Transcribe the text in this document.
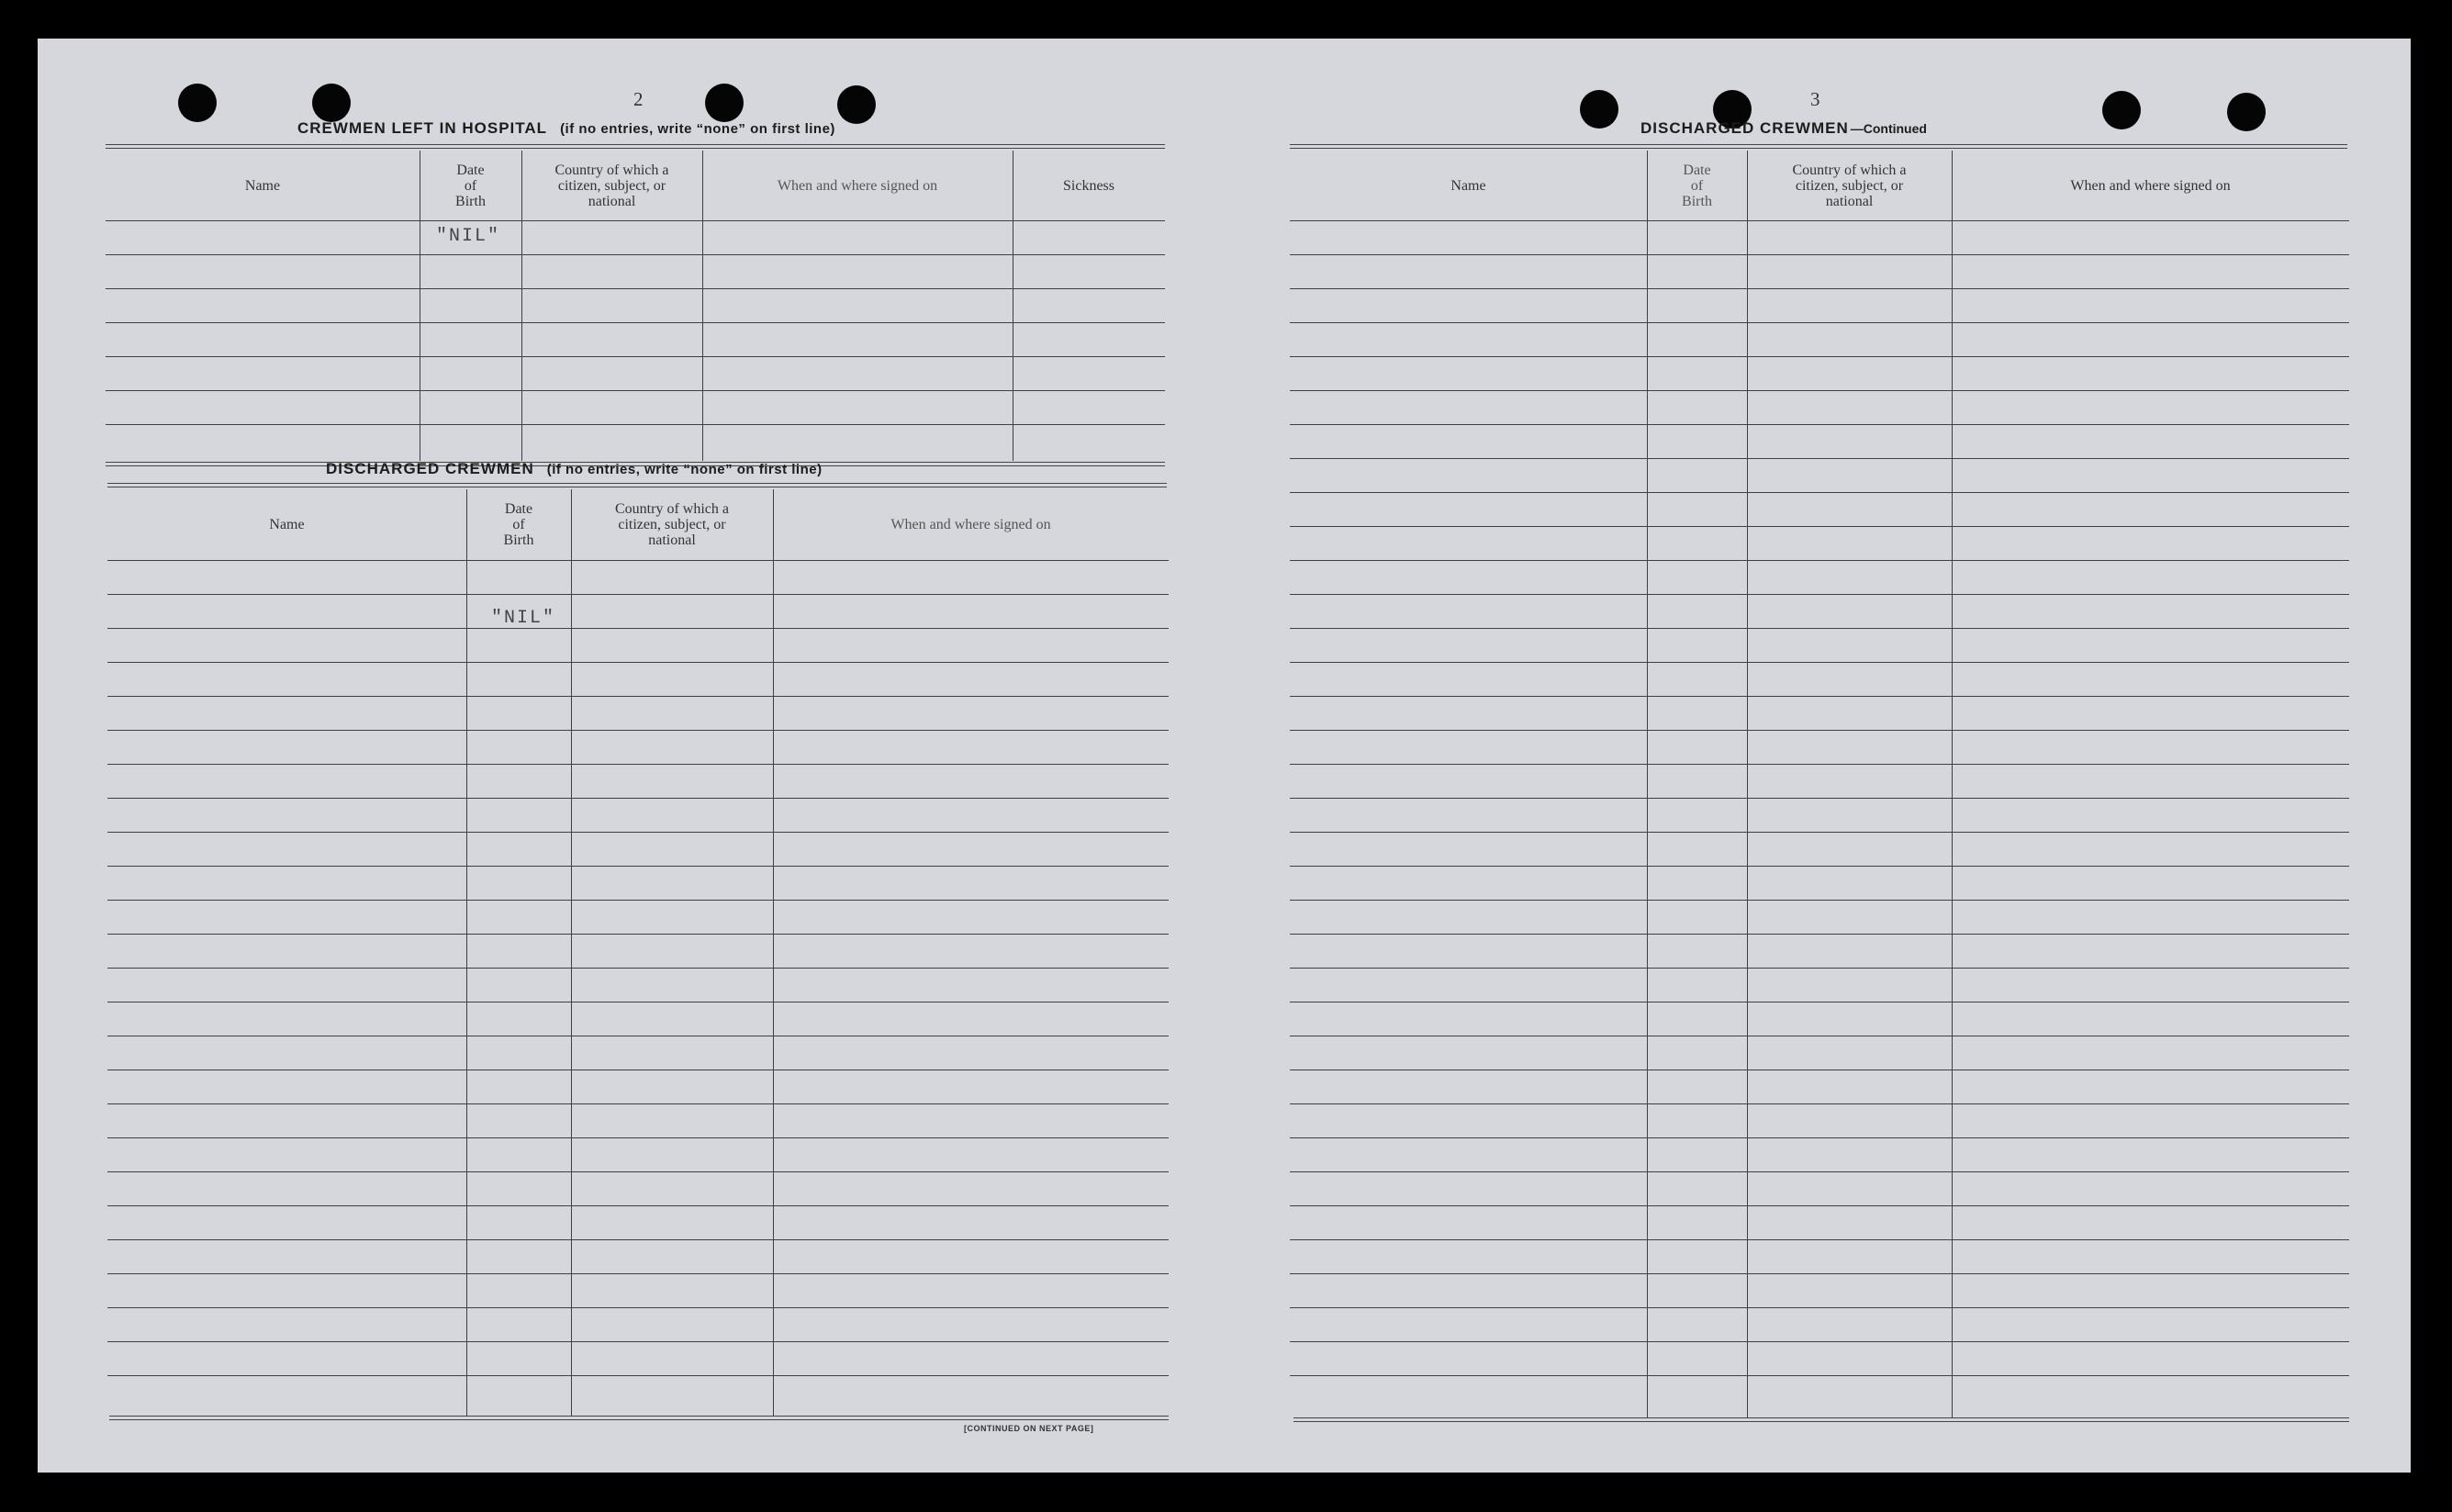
2
CREWMEN LEFT IN HOSPITAL (if no entries, write “none” on first line)
Name
Date
of
Birth
Country of which a
citizen, subject, or
national
When and where signed on	Sickness
"NIL"
DISCHARGED CREWMEN (if no entries, write “none” on first line)
Name
Date
of
Birth
Country of which a
citizen, subject, or
national
When and where signed on
"NIL"
[CONTINUED ON NEXT PAGE]
3
DISCHARGED CREWMEN —Continued
Name
Date
of
Birth
Country of which a
citizen, subject, or
national
When and where signed on
